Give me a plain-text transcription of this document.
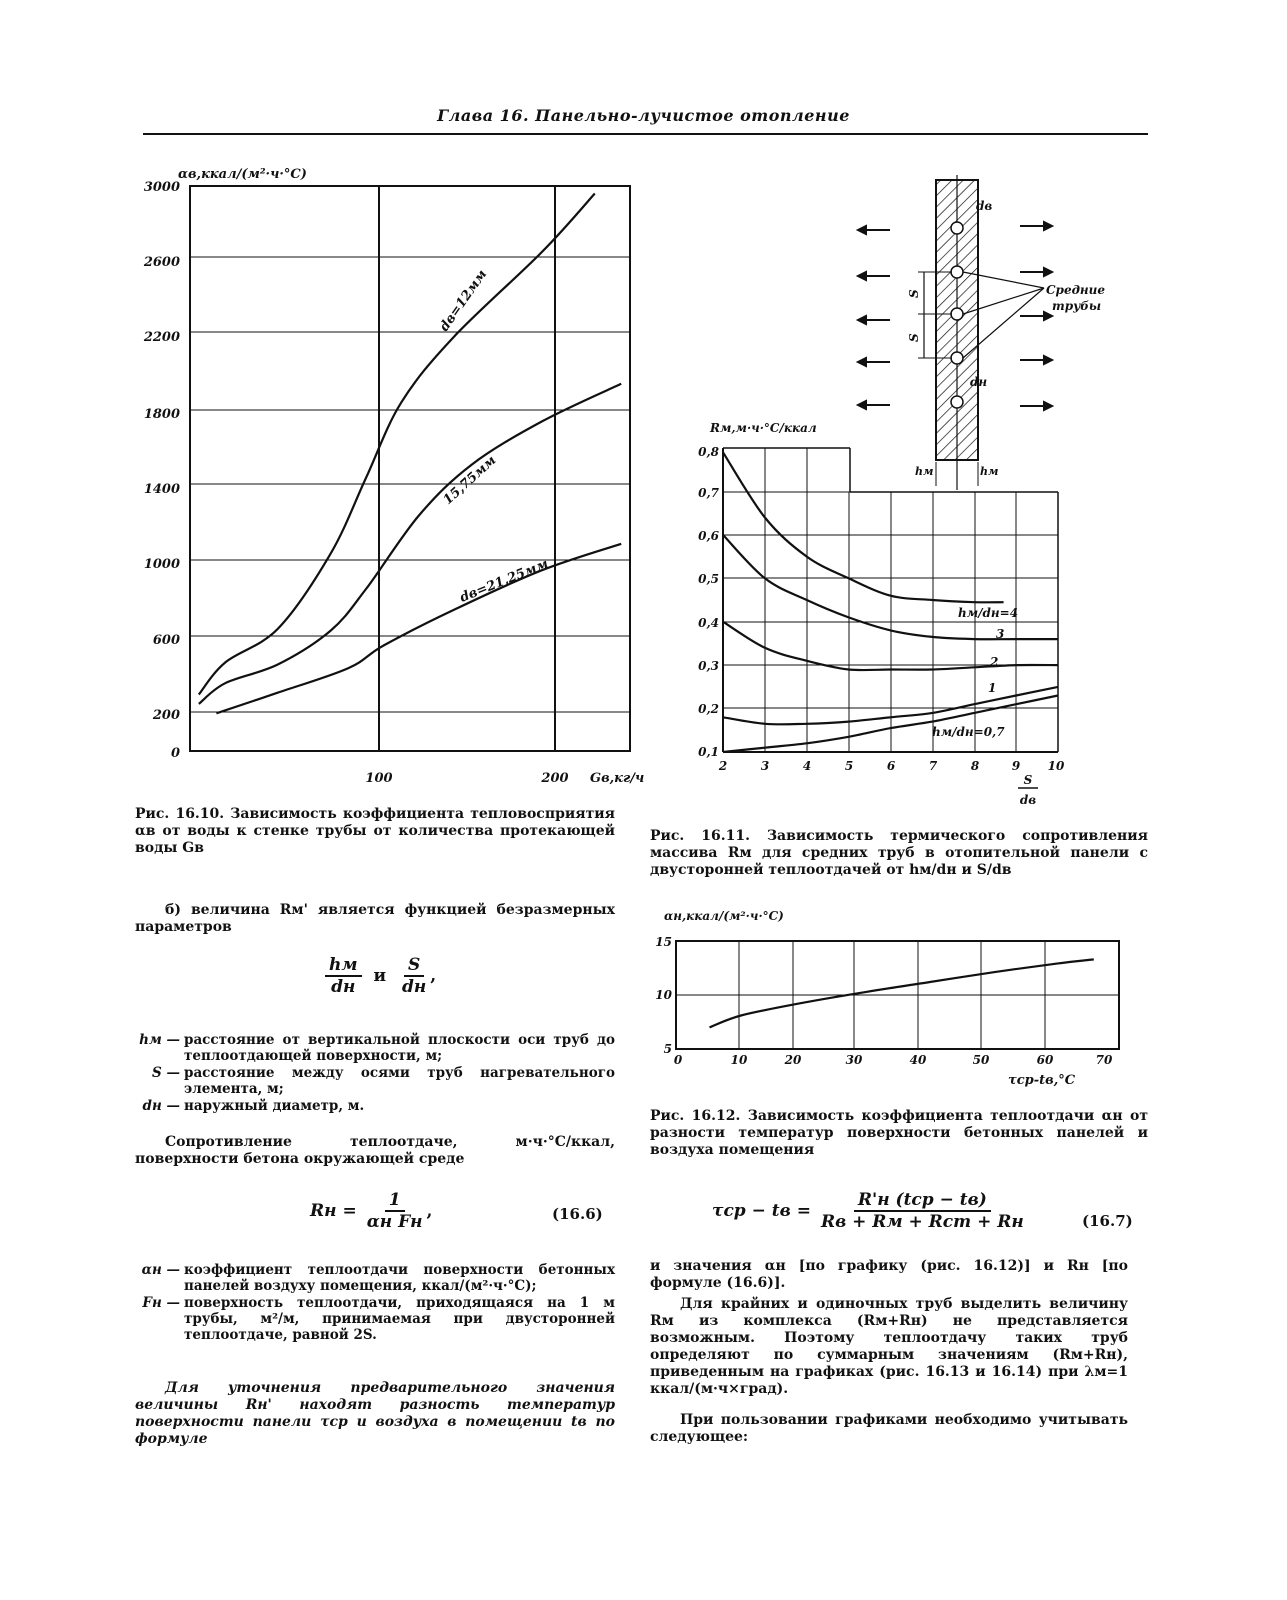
Глава 16. Панельно-лучистое отопление
3000
2600
2200
1800
1400
1000
600
200
0
100	200
αв,ккал/(м²·ч·°С)
Gв,кг/ч
dв=12мм
15,75мм
dв=21,25мм
Рис. 16.10. Зависимость коэффициента тепловосприятия αв от воды к стенке трубы от количества протекающей воды Gв
S
S
dв
dн
Средние
трубы
hм	hм
0,8
0,7
0,6
0,5
0,4
0,3
0,2
0,1
2	3	4	5	6	7	8	9 10
Rм,м·ч·°С/ккал
S
dв
hм/dн=4
3
2
1
hм/dн=0,7
Рис. 16.11. Зависимость термического сопротивления массива Rм для средних труб в отопительной панели с двусторонней теплоотдачей от hм/dн и S/dв
15
10
5
0	10	20	30	40	50	60	70
αн,ккал/(м²·ч·°С)
τср-tв,°С
Рис. 16.12. Зависимость коэффициента теплоотдачи αн от разности температур поверхности бетонных панелей и воздуха помещения
б) величина Rм' является функцией безразмерных параметров
$\frac{hм}{dн}$ и $\frac{S}{dн}$ ,
hм — расстояние от вертикальной плоскости оси труб до теплоотдающей поверхности, м;
S — расстояние между осями труб нагревательного элемента, м;
dн — наружный диаметр, м.
Сопротивление теплоотдаче, м·ч·°С/ккал, поверхности бетона окружающей среде
Rн = $\frac{1}{\text{αн Fн}}$ ,	(16.6)
αн — коэффициент теплоотдачи поверхности бетонных панелей воздуху помещения, ккал/(м²·ч·°С);
Fн — поверхность теплоотдачи, приходящаяся на 1 м трубы, м²/м, принимаемая при двусторонней теплоотдаче, равной 2S.
Для уточнения предварительного значения величины Rн' находят разность температур поверхности панели τср и воздуха в помещении tв по формуле
τср − tв = $\frac{\text{R'н (tср − tв)}}{\text{Rв + Rм + Rст + Rн}}$	(16.7)
и значения αн [по графику (рис. 16.12)] и Rн [по формуле (16.6)].
Для крайних и одиночных труб выделить величину Rм из комплекса (Rм+Rн) не представляется возможным. Поэтому теплоотдачу таких труб определяют по суммарным значениям (Rм+Rн), приведенным на графиках (рис. 16.13 и 16.14) при λм=1 ккал/(м·ч×град).
При пользовании графиками необходимо учитывать следующее:
